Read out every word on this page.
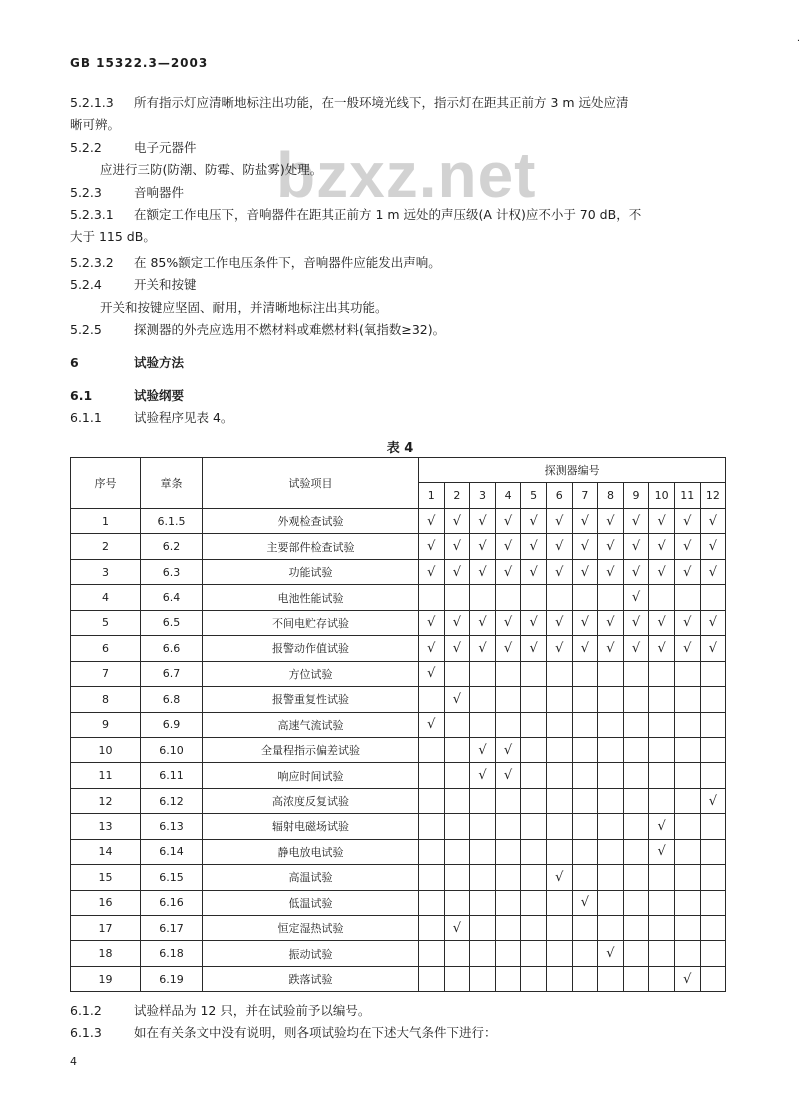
GB 15322.3—2003
·
bzxz.net
5.2.1.3 所有指示灯应清晰地标注出功能，在一般环境光线下，指示灯在距其正前方 3 m 远处应清
晰可辨。
5.2.2	电子元器件
应进行三防(防潮、防霉、防盐雾)处理。
5.2.3	音响器件
5.2.3.1 在额定工作电压下，音响器件在距其正前方 1 m 远处的声压级(A 计权)应不小于 70 dB，不
大于 115 dB。
5.2.3.2 在 85%额定工作电压条件下，音响器件应能发出声响。
5.2.4	开关和按键
开关和按键应坚固、耐用，并清晰地标注出其功能。
5.2.5	探测器的外壳应选用不燃材料或难燃材料(氧指数≥32)。
6	试验方法
6.1	试验纲要
6.1.1	试验程序见表 4。
表 4
序号	章条	试验项目	探测器编号											
			1	2	3	4	5	6	7	8	9	10	11	12
1	6.1.5	外观检查试验	√	√	√	√	√	√	√	√	√	√	√	√
2	6.2	主要部件检查试验	√	√	√	√	√	√	√	√	√	√	√	√
3	6.3	功能试验	√	√	√	√	√	√	√	√	√	√	√	√
4	6.4	电池性能试验									√			
5	6.5	不间电贮存试验	√	√	√	√	√	√	√	√	√	√	√	√
6	6.6	报警动作值试验	√	√	√	√	√	√	√	√	√	√	√	√
7	6.7	方位试验	√											
8	6.8	报警重复性试验		√										
9	6.9	高速气流试验	√											
10	6.10	全量程指示偏差试验			√	√								
11	6.11	响应时间试验			√	√								
12	6.12	高浓度反复试验												√
13	6.13	辐射电磁场试验										√		
14	6.14	静电放电试验										√		
15	6.15	高温试验						√						
16	6.16	低温试验							√					
17	6.17	恒定湿热试验		√										
18	6.18	振动试验								√				
19	6.19	跌落试验											√	
6.1.2	试验样品为 12 只，并在试验前予以编号。
6.1.3	如在有关条文中没有说明，则各项试验均在下述大气条件下进行：
4
